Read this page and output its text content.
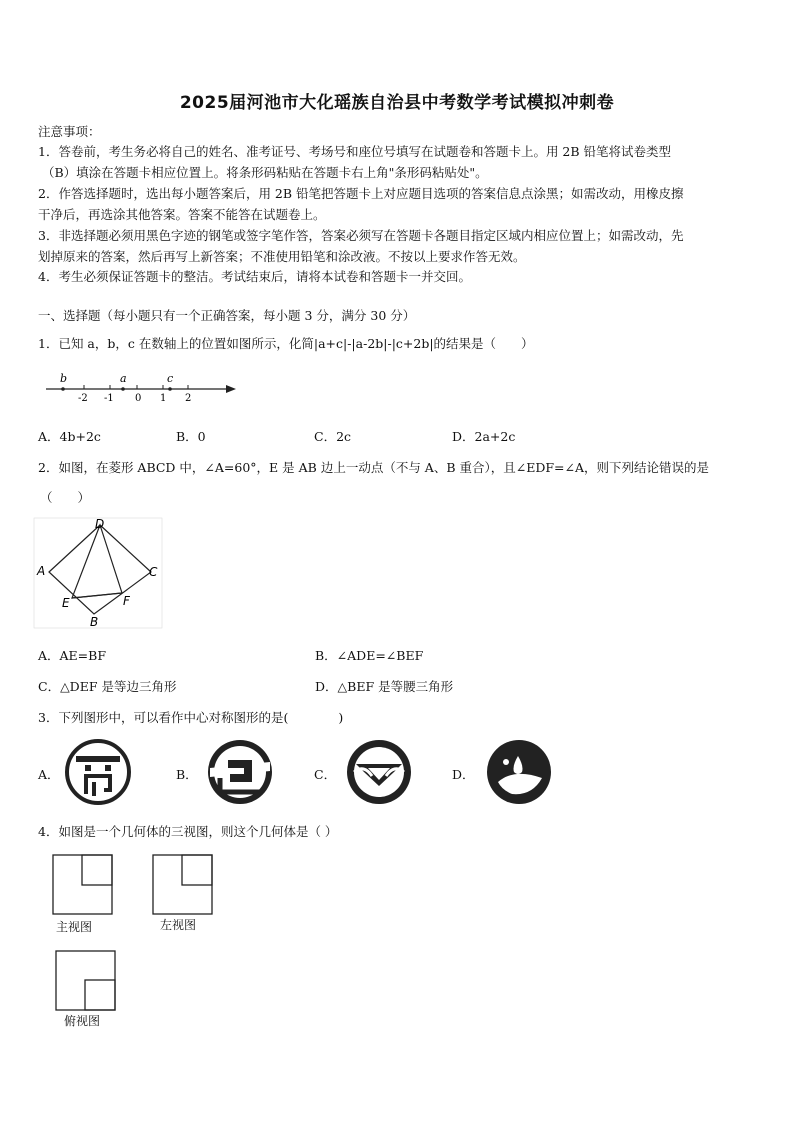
2025届河池市大化瑶族自治县中考数学考试模拟冲刺卷
注意事项：
1．答卷前，考生务必将自己的姓名、准考证号、考场号和座位号填写在试题卷和答题卡上。用 2B 铅笔将试卷类型
（B）填涂在答题卡相应位置上。将条形码粘贴在答题卡右上角"条形码粘贴处"。
2．作答选择题时，选出每小题答案后，用 2B 铅笔把答题卡上对应题目选项的答案信息点涂黑；如需改动，用橡皮擦
干净后，再选涂其他答案。答案不能答在试题卷上。
3．非选择题必须用黑色字迹的钢笔或签字笔作答，答案必须写在答题卡各题目指定区域内相应位置上；如需改动，先
划掉原来的答案，然后再写上新答案；不准使用铅笔和涂改液。不按以上要求作答无效。
4．考生必须保证答题卡的整洁。考试结束后，请将本试卷和答题卡一并交回。
一、选择题（每小题只有一个正确答案，每小题 3 分，满分 30 分）
1．已知 a，b，c 在数轴上的位置如图所示，化简|a+c|-|a-2b|-|c+2b|的结果是（　　）
b	a	c
-2 -1 0 1 2
A．4b+2c	B．0	C．2c	D．2a+2c
2．如图，在菱形 ABCD 中，∠A=60°，E 是 AB 边上一动点（不与 A、B 重合），且∠EDF=∠A，则下列结论错误的是
（　　）
D
A	C
E	F
B
A．AE=BF	B．∠ADE=∠BEF
C．△DEF 是等边三角形	D．△BEF 是等腰三角形
3．下列图形中，可以看作中心对称图形的是(　　　　)
A．	B．	C．	D．
4．如图是一个几何体的三视图，则这个几何体是（ ）
主视图	左视图
俯视图
